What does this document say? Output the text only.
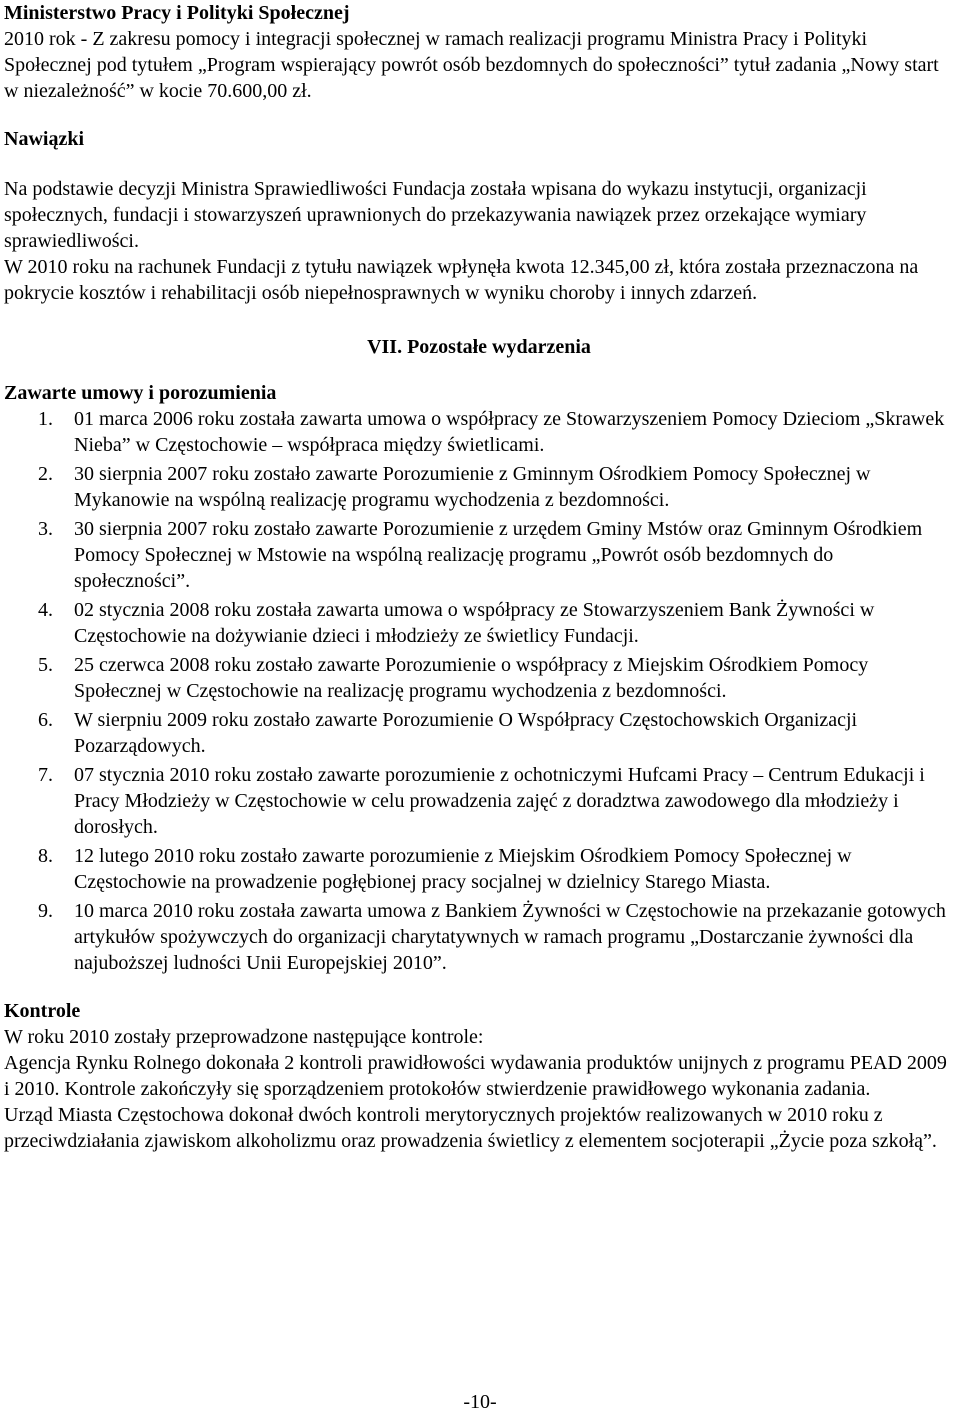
Ministerstwo Pracy i Polityki Społecznej

2010 rok - Z zakresu pomocy i integracji społecznej w ramach realizacji programu Ministra Pracy i Polityki Społecznej pod tytułem „Program wspierający powrót osób bezdomnych do społeczności” tytuł zadania „Nowy start w niezależność” w kocie 70.600,00 zł.

Nawiązki

Na podstawie decyzji Ministra Sprawiedliwości Fundacja została wpisana do wykazu instytucji, organizacji społecznych, fundacji i stowarzyszeń uprawnionych do przekazywania nawiązek przez orzekające wymiary sprawiedliwości.

W 2010 roku na rachunek Fundacji z tytułu nawiązek wpłynęła kwota 12.345,00 zł, która została przeznaczona na pokrycie kosztów i rehabilitacji osób niepełnosprawnych w wyniku choroby i innych zdarzeń.

VII. Pozostałe wydarzenia

Zawarte umowy i porozumienia

1.	01 marca 2006 roku została zawarta umowa o współpracy ze Stowarzyszeniem Pomocy Dzieciom „Skrawek Nieba” w Częstochowie – współpraca między świetlicami.
2.	30 sierpnia 2007 roku zostało zawarte Porozumienie z Gminnym Ośrodkiem Pomocy Społecznej w Mykanowie na wspólną realizację programu wychodzenia z bezdomności.
3.	30 sierpnia 2007 roku zostało zawarte Porozumienie z urzędem Gminy Mstów oraz Gminnym Ośrodkiem Pomocy Społecznej w Mstowie na wspólną realizację programu „Powrót osób bezdomnych do społeczności”.
4.	02 stycznia 2008 roku została zawarta umowa o współpracy ze Stowarzyszeniem Bank Żywności w Częstochowie na dożywianie dzieci i młodzieży ze świetlicy Fundacji.
5.	25 czerwca 2008 roku zostało zawarte Porozumienie o współpracy z Miejskim Ośrodkiem Pomocy Społecznej w Częstochowie na realizację programu wychodzenia z bezdomności.
6.	W sierpniu 2009 roku zostało zawarte Porozumienie O Współpracy Częstochowskich Organizacji Pozarządowych.
7.	07 stycznia 2010 roku zostało zawarte porozumienie z ochotniczymi Hufcami Pracy – Centrum Edukacji i Pracy Młodzieży w Częstochowie w celu prowadzenia zajęć z doradztwa zawodowego dla młodzieży i dorosłych.
8.	12 lutego 2010 roku zostało zawarte porozumienie z Miejskim Ośrodkiem Pomocy Społecznej w Częstochowie na prowadzenie pogłębionej pracy socjalnej w dzielnicy Starego Miasta.
9.	10 marca 2010 roku została zawarta umowa z Bankiem Żywności w Częstochowie na przekazanie gotowych artykułów spożywczych do organizacji charytatywnych w ramach programu „Dostarczanie żywności dla najuboższej ludności Unii Europejskiej 2010”.

Kontrole

W roku 2010 zostały przeprowadzone następujące kontrole:

Agencja Rynku Rolnego dokonała 2 kontroli prawidłowości wydawania produktów unijnych z programu PEAD 2009 i 2010. Kontrole zakończyły się sporządzeniem protokołów stwierdzenie prawidłowego wykonania zadania.

Urząd Miasta Częstochowa dokonał dwóch kontroli merytorycznych projektów realizowanych w 2010 roku z przeciwdziałania zjawiskom alkoholizmu oraz prowadzenia świetlicy z elementem socjoterapii „Życie poza szkołą”.

-10-
